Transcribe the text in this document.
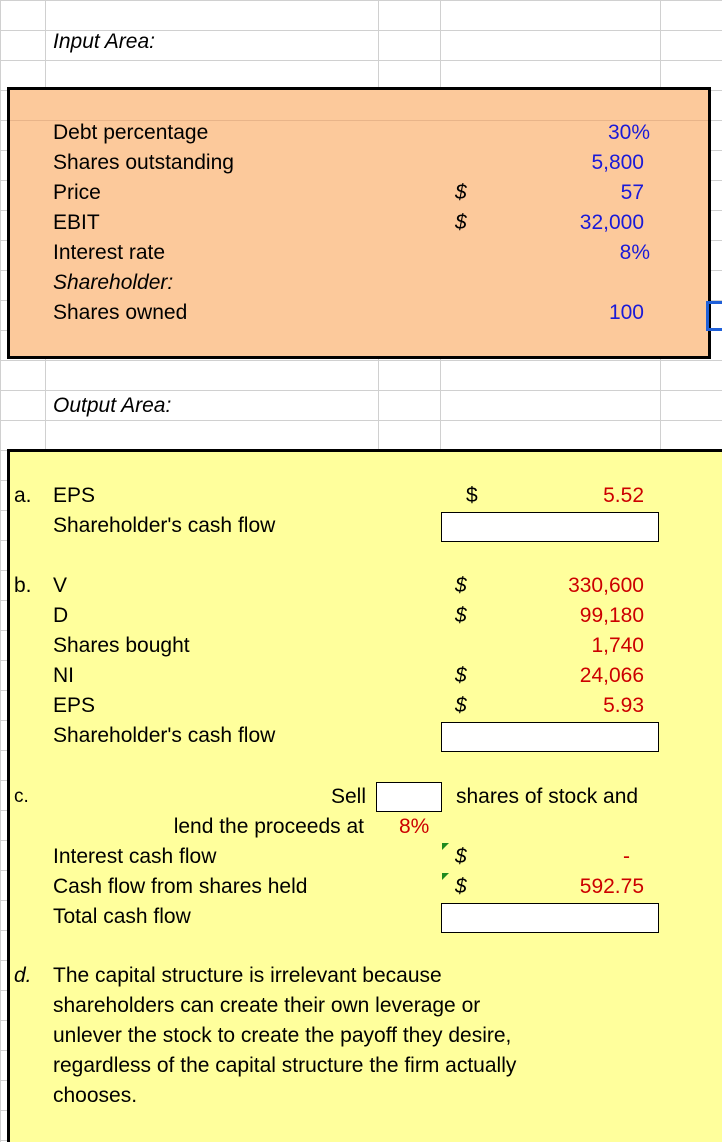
Input Area:
Debt percentage	30%
Shares outstanding	5,800
Price	$	57
EBIT	$	32,000
Interest rate	8%
Shareholder:
Shares owned	100
Output Area:
a. EPS	$	5.52
Shareholder's cash flow
b. V	$	330,600
D	$	99,180
Shares bought	1,740
NI	$	24,066
EPS	$	5.93
Shareholder's cash flow
c.	Sell	shares of stock and
lend the proceeds at 8%
Interest cash flow	$	-
Cash flow from shares held	$	592.75
Total cash flow
d. The capital structure is irrelevant because shareholders can create their own leverage or unlever the stock to create the payoff they desire, regardless of the capital structure the firm actually chooses.
